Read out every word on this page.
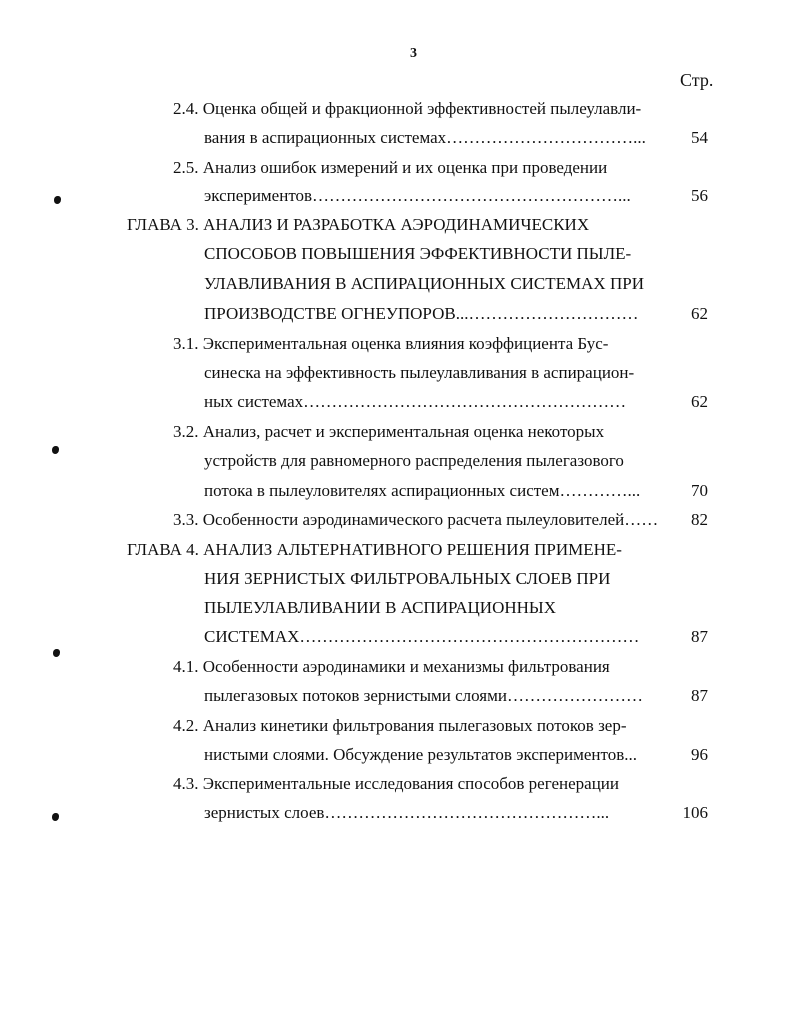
3
Стр.
2.4. Оценка общей и фракционной эффективностей пылеулавли-
вания в аспирационных системах……………………………...	54
2.5. Анализ ошибок измерений и их оценка при проведении
экспериментов………………………………………………...	56
ГЛАВА 3. АНАЛИЗ И РАЗРАБОТКА АЭРОДИНАМИЧЕСКИХ
СПОСОБОВ ПОВЫШЕНИЯ ЭФФЕКТИВНОСТИ ПЫЛЕ-
УЛАВЛИВАНИЯ В АСПИРАЦИОННЫХ СИСТЕМАХ ПРИ
ПРОИЗВОДСТВЕ ОГНЕУПОРОВ...…………………………	62
3.1. Экспериментальная оценка влияния коэффициента Бус-
синеска на эффективность пылеулавливания в аспирацион-
ных системах…………………………………………………	62
3.2. Анализ, расчет и экспериментальная оценка некоторых
устройств для равномерного распределения пылегазового
потока в пылеуловителях аспирационных систем…………...	70
3.3. Особенности аэродинамического расчета пылеуловителей……	82
ГЛАВА 4. АНАЛИЗ АЛЬТЕРНАТИВНОГО РЕШЕНИЯ ПРИМЕНЕ-
НИЯ ЗЕРНИСТЫХ ФИЛЬТРОВАЛЬНЫХ СЛОЕВ ПРИ
ПЫЛЕУЛАВЛИВАНИИ В АСПИРАЦИОННЫХ
СИСТЕМАХ……………………………………………………	87
4.1. Особенности аэродинамики и механизмы фильтрования
пылегазовых потоков зернистыми слоями……………………	87
4.2. Анализ кинетики фильтрования пылегазовых потоков зер-
нистыми слоями. Обсуждение результатов экспериментов...	96
4.3. Экспериментальные исследования способов регенерации
зернистых слоев…………………………………………...	106
